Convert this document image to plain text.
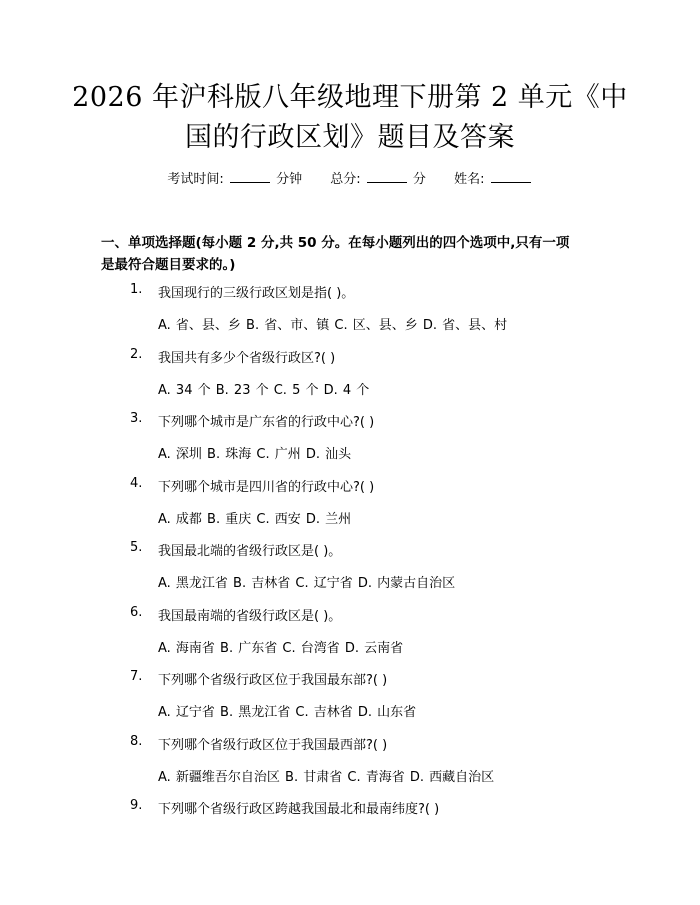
2026 年沪科版八年级地理下册第 2 单元《中
国的行政区划》题目及答案
考试时间:	分钟 总分:	分 姓名:
一、单项选择题(每小题 2 分,共 50 分。在每小题列出的四个选项中,只有一项
是最符合题目要求的。)
1.	我国现行的三级行政区划是指( )。
A. 省、县、乡 B. 省、市、镇 C. 区、县、乡 D. 省、县、村
2.	我国共有多少个省级行政区?( )
A. 34 个 B. 23 个 C. 5 个 D. 4 个
3.	下列哪个城市是广东省的行政中心?( )
A. 深圳 B. 珠海 C. 广州 D. 汕头
4.	下列哪个城市是四川省的行政中心?( )
A. 成都 B. 重庆 C. 西安 D. 兰州
5.	我国最北端的省级行政区是( )。
A. 黑龙江省 B. 吉林省 C. 辽宁省 D. 内蒙古自治区
6.	我国最南端的省级行政区是( )。
A. 海南省 B. 广东省 C. 台湾省 D. 云南省
7.	下列哪个省级行政区位于我国最东部?( )
A. 辽宁省 B. 黑龙江省 C. 吉林省 D. 山东省
8.	下列哪个省级行政区位于我国最西部?( )
A. 新疆维吾尔自治区 B. 甘肃省 C. 青海省 D. 西藏自治区
9.	下列哪个省级行政区跨越我国最北和最南纬度?( )
